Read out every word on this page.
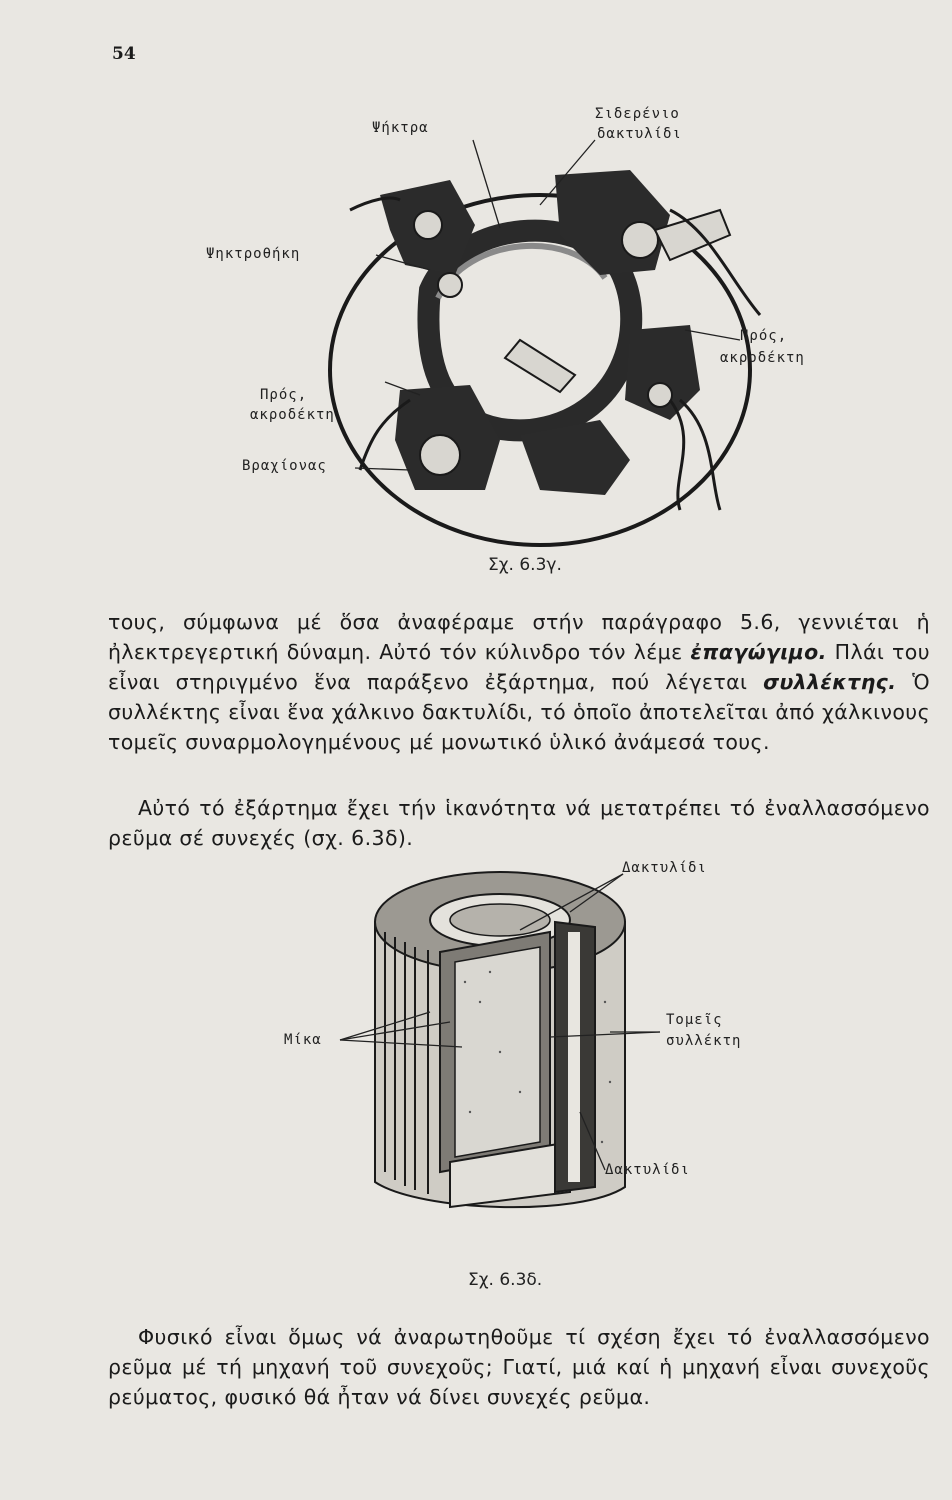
54
Ψήκτρα
Σιδερένιο
δακτυλίδι
Ψηκτροθήκη
Πρός,
ακροδέκτη
Πρός,
ακροδέκτη
Βραχίονας
Σχ. 6.3γ.

τους, σύμφωνα μέ ὅσα ἀναφέραμε στήν παράγραφο 5.6, γεννιέται ἡ ἠλεκτρεγερτική δύναμη. Αὐτό τόν κύλινδρο τόν λέμε ἐπαγώγιμο. Πλάι του εἶναι στηριγμένο ἕνα παράξενο ἐξάρτημα, πού λέγεται συλλέκτης. Ὁ συλλέκτης εἶναι ἕνα χάλκινο δακτυλίδι, τό ὁποῖο ἀποτελεῖται ἀπό χάλκινους τομεῖς συναρμολογημένους μέ μονωτικό ὑλικό ἀνάμεσά τους.

Αὐτό τό ἐξάρτημα ἔχει τήν ἱκανότητα νά μετατρέπει τό ἐναλλασσόμενο ρεῦμα σέ συνεχές (σχ. 6.3δ).

Δακτυλίδι
Μίκα
Τομεῖς
συλλέκτη
Δακτυλίδι
Σχ. 6.3δ.

Φυσικό εἶναι ὅμως νά ἀναρωτηθοῦμε τί σχέση ἔχει τό ἐναλλασσόμενο ρεῦμα μέ τή μηχανή τοῦ συνεχοῦς; Γιατί, μιά καί ἡ μηχανή εἶναι συνεχοῦς ρεύματος, φυσικό θά ἦταν νά δίνει συνεχές ρεῦμα.
